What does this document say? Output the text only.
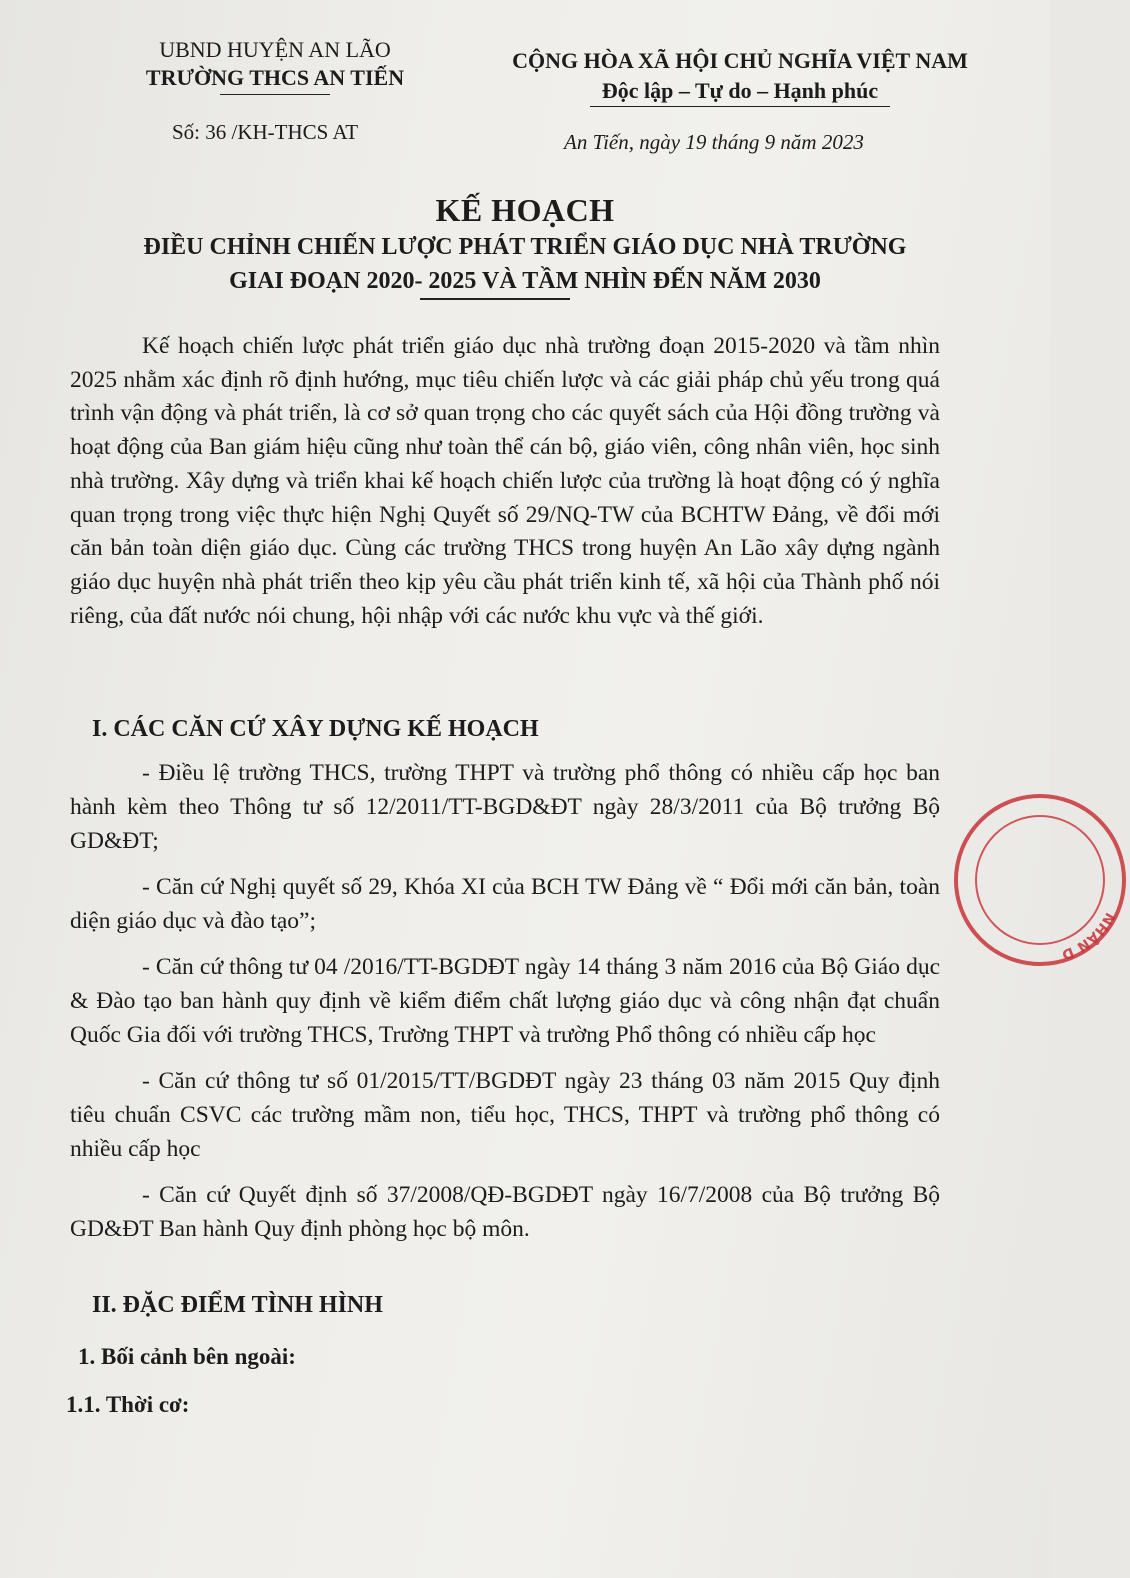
UBND HUYỆN AN LÃO
TRƯỜNG THCS AN TIẾN
Số: 36 /KH-THCS AT
CỘNG HÒA XÃ HỘI CHỦ NGHĨA VIỆT NAM
Độc lập – Tự do – Hạnh phúc
An Tiến, ngày 19 tháng 9 năm 2023
KẾ HOẠCH
ĐIỀU CHỈNH CHIẾN LƯỢC PHÁT TRIỂN GIÁO DỤC NHÀ TRƯỜNG
GIAI ĐOẠN 2020- 2025 VÀ TẦM NHÌN ĐẾN NĂM 2030

Kế hoạch chiến lược phát triển giáo dục nhà trường đoạn 2015-2020 và tầm nhìn 2025 nhằm xác định rõ định hướng, mục tiêu chiến lược và các giải pháp chủ yếu trong quá trình vận động và phát triển, là cơ sở quan trọng cho các quyết sách của Hội đồng trường và hoạt động của Ban giám hiệu cũng như toàn thể cán bộ, giáo viên, công nhân viên, học sinh nhà trường. Xây dựng và triển khai kế hoạch chiến lược của trường là hoạt động có ý nghĩa quan trọng trong việc thực hiện Nghị Quyết số 29/NQ-TW của BCHTW Đảng, về đổi mới căn bản toàn diện giáo dục. Cùng các trường THCS trong huyện An Lão xây dựng ngành giáo dục huyện nhà phát triển theo kịp yêu cầu phát triển kinh tế, xã hội của Thành phố nói riêng, của đất nước nói chung, hội nhập với các nước khu vực và thế giới.

I. CÁC CĂN CỨ XÂY DỰNG KẾ HOẠCH

- Điều lệ trường THCS, trường THPT và trường phổ thông có nhiều cấp học ban hành kèm theo Thông tư số 12/2011/TT-BGD&ĐT ngày 28/3/2011 của Bộ trưởng Bộ GD&ĐT;

- Căn cứ Nghị quyết số 29, Khóa XI của BCH TW Đảng về “ Đổi mới căn bản, toàn diện giáo dục và đào tạo”;

- Căn cứ thông tư 04 /2016/TT-BGDĐT ngày 14 tháng 3 năm 2016 của Bộ Giáo dục & Đào tạo ban hành quy định về kiểm điểm chất lượng giáo dục và công nhận đạt chuẩn Quốc Gia đối với trường THCS, Trường THPT và trường Phổ thông có nhiều cấp học

- Căn cứ thông tư số 01/2015/TT/BGDĐT ngày 23 tháng 03 năm 2015 Quy định tiêu chuẩn CSVC các trường mầm non, tiểu học, THCS, THPT và trường phổ thông có nhiều cấp học

- Căn cứ Quyết định số 37/2008/QĐ-BGDĐT ngày 16/7/2008 của Bộ trưởng Bộ GD&ĐT Ban hành Quy định phòng học bộ môn.

II. ĐẶC ĐIỂM TÌNH HÌNH
1. Bối cảnh bên ngoài:
1.1. Thời cơ:
NHÂN D
